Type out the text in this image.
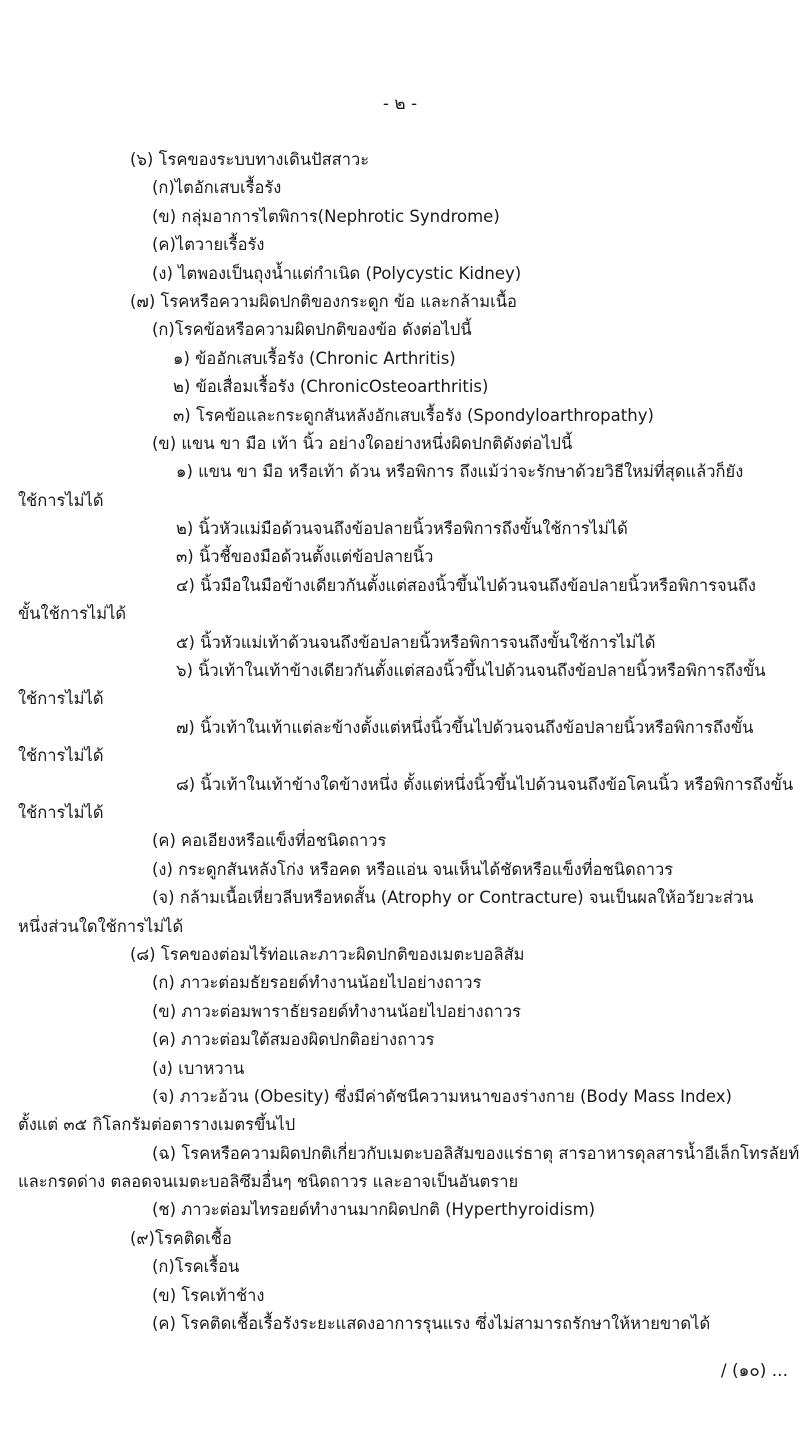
- ๒ -
(๖) โรคของระบบทางเดินปัสสาวะ
(ก)ไตอักเสบเรื้อรัง
(ข) กลุ่มอาการไตพิการ(Nephrotic Syndrome)
(ค)ไตวายเรื้อรัง
(ง) ไตพองเป็นถุงน้ำแต่กำเนิด (Polycystic Kidney)
(๗) โรคหรือความผิดปกติของกระดูก ข้อ และกล้ามเนื้อ
(ก)โรคข้อหรือความผิดปกติของข้อ ดังต่อไปนี้
๑) ข้ออักเสบเรื้อรัง (Chronic Arthritis)
๒) ข้อเสื่อมเรื้อรัง (ChronicOsteoarthritis)
๓) โรคข้อและกระดูกสันหลังอักเสบเรื้อรัง (Spondyloarthropathy)
(ข) แขน ขา มือ เท้า นิ้ว อย่างใดอย่างหนึ่งผิดปกติดังต่อไปนี้
๑) แขน ขา มือ หรือเท้า ด้วน หรือพิการ ถึงแม้ว่าจะรักษาด้วยวิธีใหม่ที่สุดแล้วก็ยัง
ใช้การไม่ได้
๒) นิ้วหัวแม่มือด้วนจนถึงข้อปลายนิ้วหรือพิการถึงขั้นใช้การไม่ได้
๓) นิ้วชี้ของมือด้วนตั้งแต่ข้อปลายนิ้ว
๔) นิ้วมือในมือข้างเดียวกันตั้งแต่สองนิ้วขึ้นไปด้วนจนถึงข้อปลายนิ้วหรือพิการจนถึง
ขั้นใช้การไม่ได้
๕) นิ้วหัวแม่เท้าด้วนจนถึงข้อปลายนิ้วหรือพิการจนถึงขั้นใช้การไม่ได้
๖) นิ้วเท้าในเท้าข้างเดียวกันตั้งแต่สองนิ้วขึ้นไปด้วนจนถึงข้อปลายนิ้วหรือพิการถึงขั้น
ใช้การไม่ได้
๗) นิ้วเท้าในเท้าแต่ละข้างตั้งแต่หนึ่งนิ้วขึ้นไปด้วนจนถึงข้อปลายนิ้วหรือพิการถึงขั้น
ใช้การไม่ได้
๘) นิ้วเท้าในเท้าข้างใดข้างหนึ่ง ตั้งแต่หนึ่งนิ้วขึ้นไปด้วนจนถึงข้อโคนนิ้ว หรือพิการถึงขั้น
ใช้การไม่ได้
(ค) คอเอียงหรือแข็งที่อชนิดถาวร
(ง) กระดูกสันหลังโก่ง หรือคด หรือแอ่น จนเห็นได้ชัดหรือแข็งที่อชนิดถาวร
(จ) กล้ามเนื้อเหี่ยวลีบหรือหดสั้น (Atrophy or Contracture) จนเป็นผลให้อวัยวะส่วน
หนึ่งส่วนใดใช้การไม่ได้
(๘) โรคของต่อมไร้ท่อและภาวะผิดปกติของเมตะบอลิสัม
(ก) ภาวะต่อมธัยรอยด์ทำงานน้อยไปอย่างถาวร
(ข) ภาวะต่อมพาราธัยรอยด์ทำงานน้อยไปอย่างถาวร
(ค) ภาวะต่อมใต้สมองผิดปกติอย่างถาวร
(ง) เบาหวาน
(จ) ภาวะอ้วน (Obesity) ซึ่งมีค่าดัชนีความหนาของร่างกาย (Body Mass Index)
ตั้งแต่ ๓๕ กิโลกรัมต่อตารางเมตรขึ้นไป
(ฉ) โรคหรือความผิดปกติเกี่ยวกับเมตะบอลิสัมของแร่ธาตุ สารอาหารดุลสารน้ำอีเล็กโทรลัยท์
และกรดด่าง ตลอดจนเมตะบอลิซึมอื่นๆ ชนิดถาวร และอาจเป็นอันตราย
(ช) ภาวะต่อมไทรอยด์ทำงานมากผิดปกติ (Hyperthyroidism)
(๙)โรคติดเชื้อ
(ก)โรคเรื้อน
(ข) โรคเท้าช้าง
(ค) โรคติดเชื้อเรื้อรังระยะแสดงอาการรุนแรง ซึ่งไม่สามารถรักษาให้หายขาดได้
/ (๑๐) ...
